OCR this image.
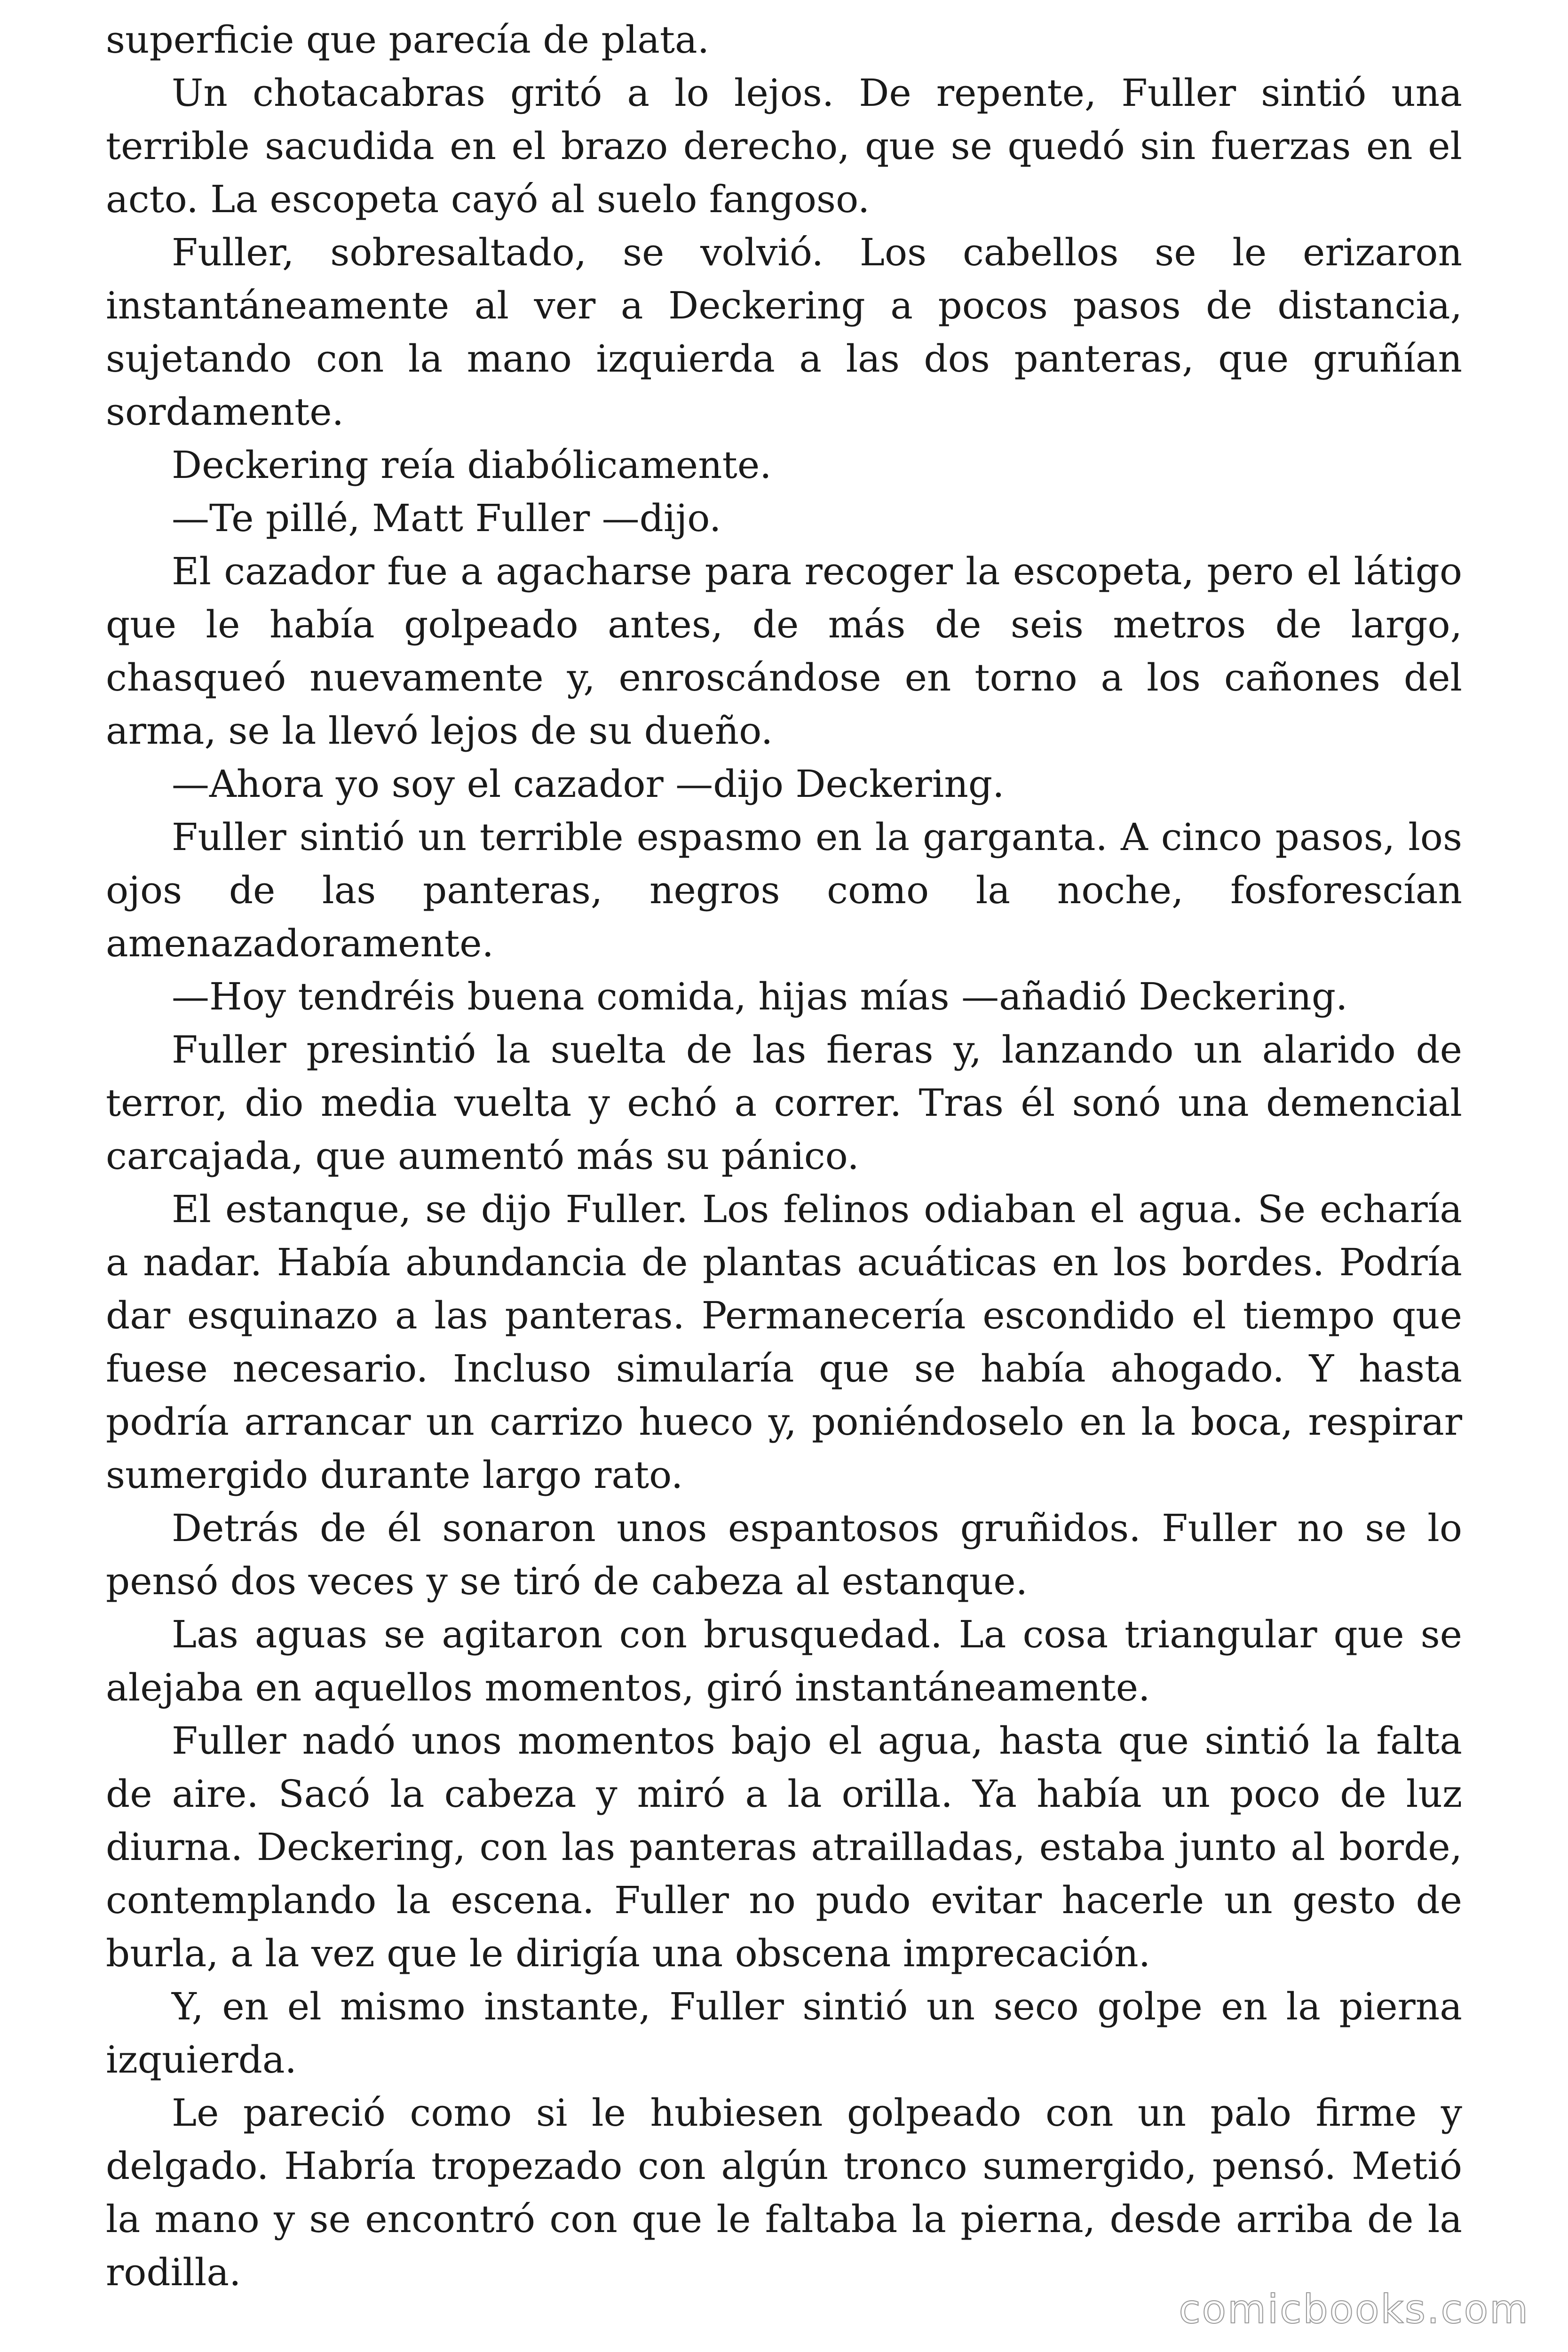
superficie que parecía de plata.

Un chotacabras gritó a lo lejos. De repente, Fuller sintió una terrible sacudida en el brazo derecho, que se quedó sin fuerzas en el acto. La escopeta cayó al suelo fangoso.

Fuller, sobresaltado, se volvió. Los cabellos se le erizaron instantáneamente al ver a Deckering a pocos pasos de distancia, sujetando con la mano izquierda a las dos panteras, que gruñían sordamente.

Deckering reía diabólicamente.

—Te pillé, Matt Fuller —dijo.

El cazador fue a agacharse para recoger la escopeta, pero el látigo que le había golpeado antes, de más de seis metros de largo, chasqueó nuevamente y, enroscándose en torno a los cañones del arma, se la llevó lejos de su dueño.

—Ahora yo soy el cazador —dijo Deckering.

Fuller sintió un terrible espasmo en la garganta. A cinco pasos, los ojos de las panteras, negros como la noche, fosforescían amenazadoramente.

—Hoy tendréis buena comida, hijas mías —añadió Deckering.

Fuller presintió la suelta de las fieras y, lanzando un alarido de terror, dio media vuelta y echó a correr. Tras él sonó una demencial carcajada, que aumentó más su pánico.

El estanque, se dijo Fuller. Los felinos odiaban el agua. Se echaría a nadar. Había abundancia de plantas acuáticas en los bordes. Podría dar esquinazo a las panteras. Permanecería escondido el tiempo que fuese necesario. Incluso simularía que se había ahogado. Y hasta podría arrancar un carrizo hueco y, poniéndoselo en la boca, respirar sumergido durante largo rato.

Detrás de él sonaron unos espantosos gruñidos. Fuller no se lo pensó dos veces y se tiró de cabeza al estanque.

Las aguas se agitaron con brusquedad. La cosa triangular que se alejaba en aquellos momentos, giró instantáneamente.

Fuller nadó unos momentos bajo el agua, hasta que sintió la falta de aire. Sacó la cabeza y miró a la orilla. Ya había un poco de luz diurna. Deckering, con las panteras atrailladas, estaba junto al borde, contemplando la escena. Fuller no pudo evitar hacerle un gesto de burla, a la vez que le dirigía una obscena imprecación.

Y, en el mismo instante, Fuller sintió un seco golpe en la pierna izquierda.

Le pareció como si le hubiesen golpeado con un palo firme y delgado. Habría tropezado con algún tronco sumergido, pensó. Metió la mano y se encontró con que le faltaba la pierna, desde arriba de la rodilla.

comicbooks.com
